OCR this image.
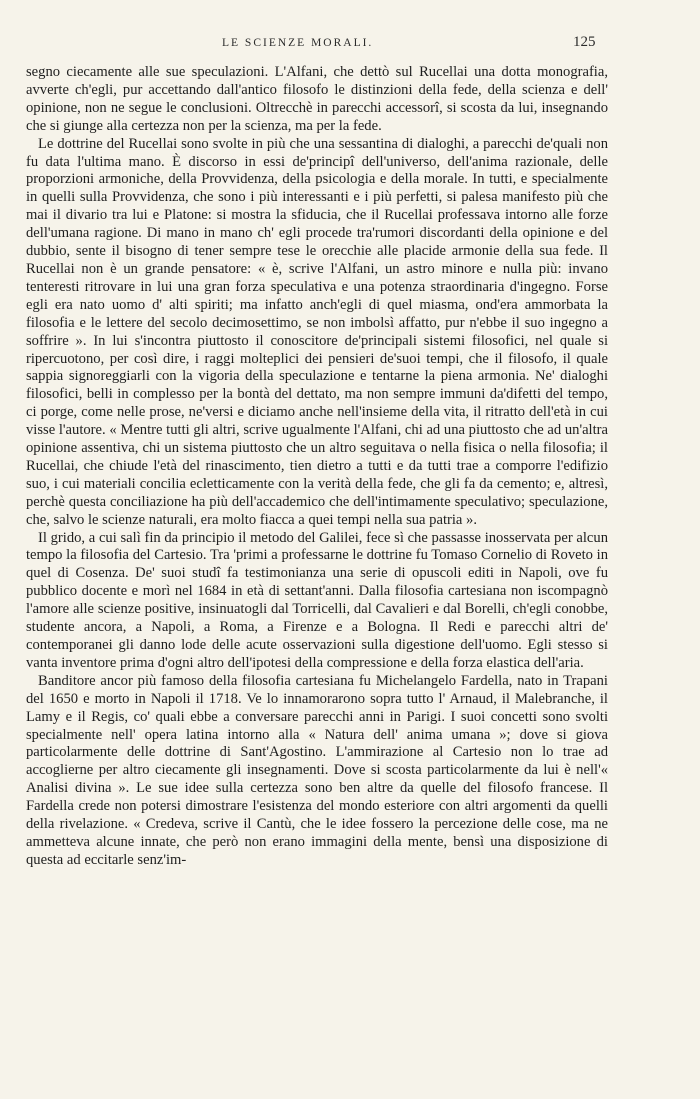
LE SCIENZE MORALI.	125

segno ciecamente alle sue speculazioni. L'Alfani, che dettò sul Rucellai una dotta monografia, avverte ch'egli, pur accettando dall'antico filosofo le distinzioni della fede, della scienza e dell' opinione, non ne segue le conclusioni. Oltrecchè in parecchi accessorî, si scosta da lui, insegnando che si giunge alla certezza non per la scienza, ma per la fede.

Le dottrine del Rucellai sono svolte in più che una sessantina di dialoghi, a parecchi de'quali non fu data l'ultima mano. È discorso in essi de'principî dell'universo, dell'anima razionale, delle proporzioni armoniche, della Provvidenza, della psicologia e della morale. In tutti, e specialmente in quelli sulla Provvidenza, che sono i più interessanti e i più perfetti, si palesa manifesto più che mai il divario tra lui e Platone: si mostra la sfiducia, che il Rucellai professava intorno alle forze dell'umana ragione. Di mano in mano ch' egli procede tra'rumori discordanti della opinione e del dubbio, sente il bisogno di tener sempre tese le orecchie alle placide armonie della sua fede. Il Rucellai non è un grande pensatore: « è, scrive l'Alfani, un astro minore e nulla più: invano tenteresti ritrovare in lui una gran forza speculativa e una potenza straordinaria d'ingegno. Forse egli era nato uomo d' alti spiriti; ma infatto anch'egli di quel miasma, ond'era ammorbata la filosofia e le lettere del secolo decimosettimo, se non imbolsì affatto, pur n'ebbe il suo ingegno a soffrire ». In lui s'incontra piuttosto il conoscitore de'principali sistemi filosofici, nel quale si ripercuotono, per così dire, i raggi molteplici dei pensieri de'suoi tempi, che il filosofo, il quale sappia signoreggiarli con la vigoria della speculazione e tentarne la piena armonia. Ne' dialoghi filosofici, belli in complesso per la bontà del dettato, ma non sempre immuni da'difetti del tempo, ci porge, come nelle prose, ne'versi e diciamo anche nell'insieme della vita, il ritratto dell'età in cui visse l'autore. « Mentre tutti gli altri, scrive ugualmente l'Alfani, chi ad una piuttosto che ad un'altra opinione assentiva, chi un sistema piuttosto che un altro seguitava o nella fisica o nella filosofia; il Rucellai, che chiude l'età del rinascimento, tien dietro a tutti e da tutti trae a comporre l'edifizio suo, i cui materiali concilia ecletticamente con la verità della fede, che gli fa da cemento; e, altresì, perchè questa conciliazione ha più dell'accademico che dell'intimamente speculativo; speculazione, che, salvo le scienze naturali, era molto fiacca a quei tempi nella sua patria ».

Il grido, a cui salì fin da principio il metodo del Galilei, fece sì che passasse inosservata per alcun tempo la filosofia del Cartesio. Tra 'primi a professarne le dottrine fu Tomaso Cornelio di Roveto in quel di Cosenza. De' suoi studî fa testimonianza una serie di opuscoli editi in Napoli, ove fu pubblico docente e morì nel 1684 in età di settant'anni. Dalla filosofia cartesiana non iscompagnò l'amore alle scienze positive, insinuatogli dal Torricelli, dal Cavalieri e dal Borelli, ch'egli conobbe, studente ancora, a Napoli, a Roma, a Firenze e a Bologna. Il Redi e parecchi altri de' contemporanei gli danno lode delle acute osservazioni sulla digestione dell'uomo. Egli stesso si vanta inventore prima d'ogni altro dell'ipotesi della compressione e della forza elastica dell'aria.

Banditore ancor più famoso della filosofia cartesiana fu Michelangelo Fardella, nato in Trapani del 1650 e morto in Napoli il 1718. Ve lo innamorarono sopra tutto l' Arnaud, il Malebranche, il Lamy e il Regis, co' quali ebbe a conversare parecchi anni in Parigi. I suoi concetti sono svolti specialmente nell' opera latina intorno alla « Natura dell' anima umana »; dove si giova particolarmente delle dottrine di Sant'Agostino. L'ammirazione al Cartesio non lo trae ad accoglierne per altro ciecamente gli insegnamenti. Dove si scosta particolarmente da lui è nell'« Analisi divina ». Le sue idee sulla certezza sono ben altre da quelle del filosofo francese. Il Fardella crede non potersi dimostrare l'esistenza del mondo esteriore con altri argomenti da quelli della rivelazione. « Credeva, scrive il Cantù, che le idee fossero la percezione delle cose, ma ne ammetteva alcune innate, che però non erano immagini della mente, bensì una disposizione di questa ad eccitarle senz'im-
